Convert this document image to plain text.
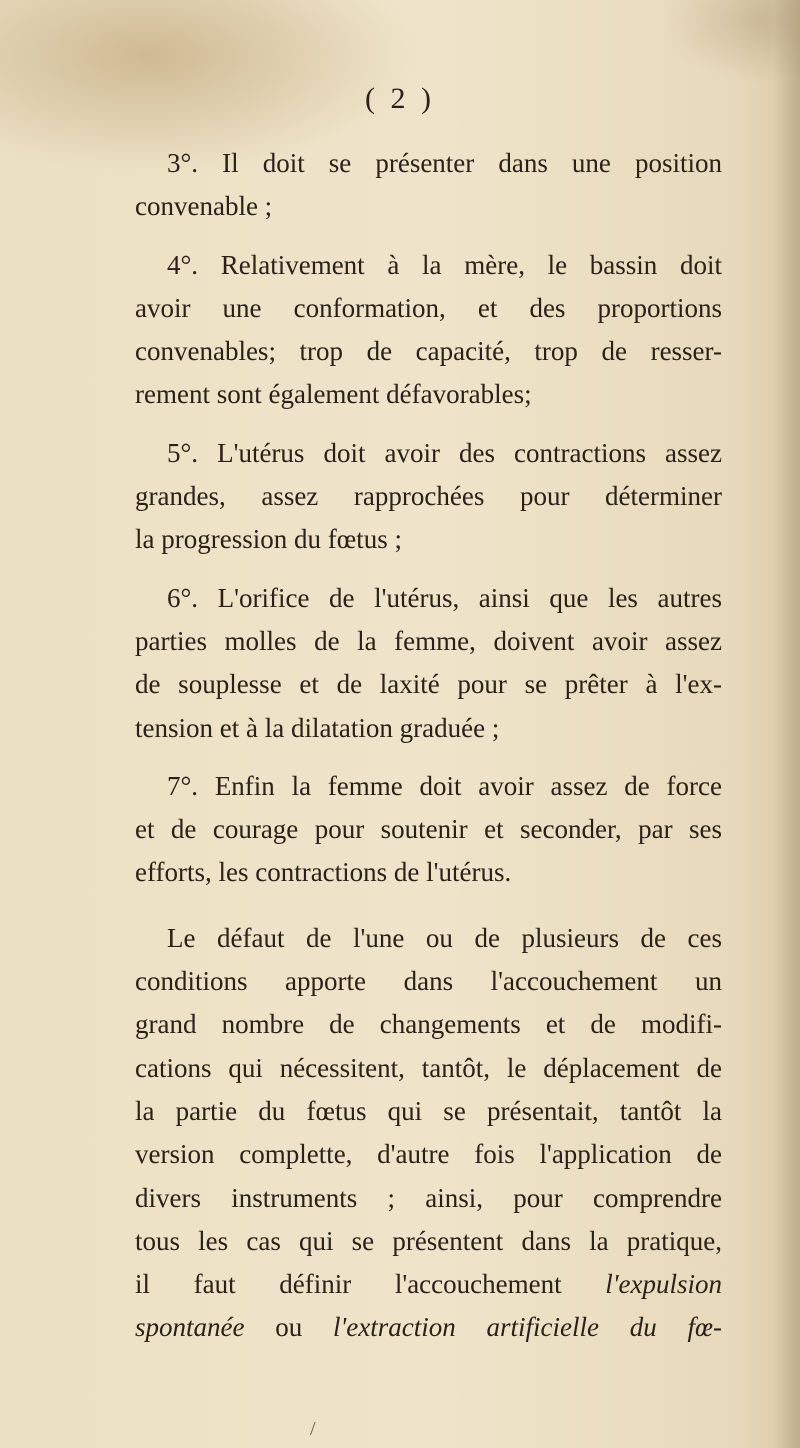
( 2 )
3°. Il doit se présenter dans une position
convenable ;
4°. Relativement à la mère, le bassin doit
avoir une conformation, et des proportions
convenables; trop de capacité, trop de resser-
rement sont également défavorables;
5°. L'utérus doit avoir des contractions assez
grandes, assez rapprochées pour déterminer
la progression du fœtus ;
6°. L'orifice de l'utérus, ainsi que les autres
parties molles de la femme, doivent avoir assez
de souplesse et de laxité pour se prêter à l'ex-
tension et à la dilatation graduée ;
7°. Enfin la femme doit avoir assez de force
et de courage pour soutenir et seconder, par ses
efforts, les contractions de l'utérus.
Le défaut de l'une ou de plusieurs de ces
conditions apporte dans l'accouchement un
grand nombre de changements et de modifi-
cations qui nécessitent, tantôt, le déplacement de
la partie du fœtus qui se présentait, tantôt la
version complette, d'autre fois l'application de
divers instruments ; ainsi, pour comprendre
tous les cas qui se présentent dans la pratique,
il faut définir l'accouchement l'expulsion
spontanée ou l'extraction artificielle du fœ-
/
